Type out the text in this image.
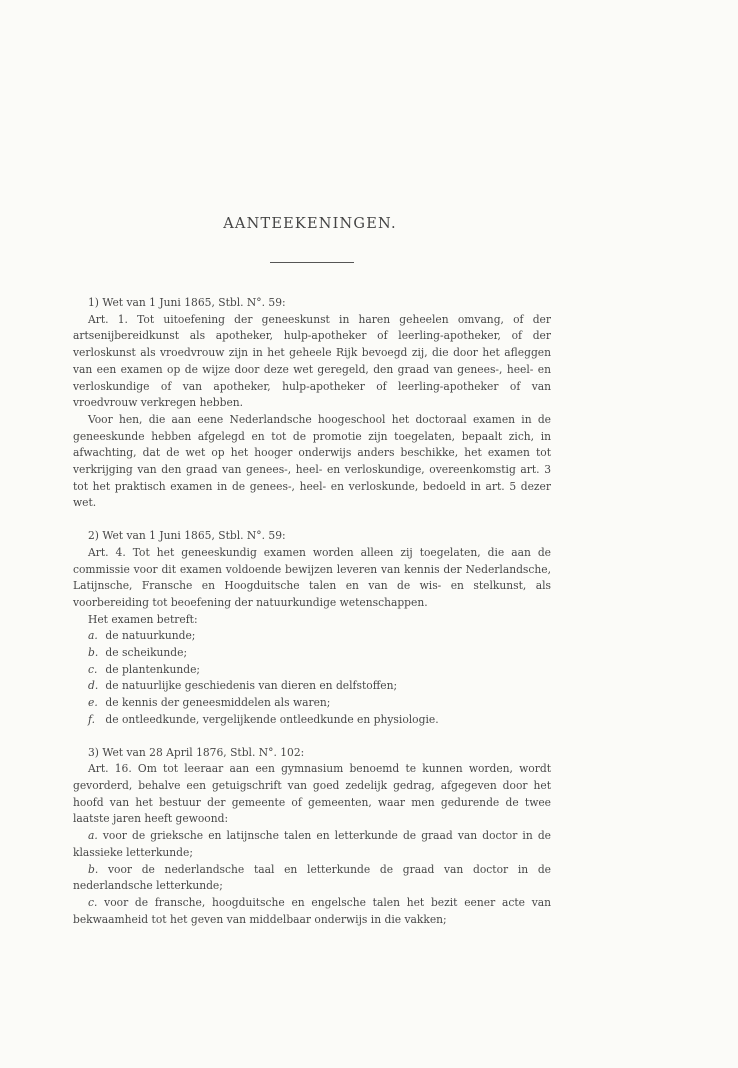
AANTEEKENINGEN.

1) Wet van 1 Juni 1865, Stbl. N°. 59:

Art. 1. Tot uitoefening der geneeskunst in haren geheelen omvang, of der artsenijbereidkunst als apotheker, hulp-apotheker of leerling-apotheker, of der verloskunst als vroedvrouw zijn in het geheele Rijk bevoegd zij, die door het afleggen van een examen op de wijze door deze wet geregeld, den graad van genees-, heel- en verloskundige of van apotheker, hulp-apotheker of leerling-apotheker of van vroedvrouw verkregen hebben.

Voor hen, die aan eene Nederlandsche hoogeschool het doctoraal examen in de geneeskunde hebben afgelegd en tot de promotie zijn toegelaten, bepaalt zich, in afwachting, dat de wet op het hooger onderwijs anders beschikke, het examen tot verkrijging van den graad van genees-, heel- en verloskundige, overeenkomstig art. 3 tot het praktisch examen in de genees-, heel- en verloskunde, bedoeld in art. 5 dezer wet.

2) Wet van 1 Juni 1865, Stbl. N°. 59:

Art. 4. Tot het geneeskundig examen worden alleen zij toegelaten, die aan de commissie voor dit examen voldoende bewijzen leveren van kennis der Nederlandsche, Latijnsche, Fransche en Hoogduitsche talen en van de wis- en stelkunst, als voorbereiding tot beoefening der natuurkundige wetenschappen.

Het examen betreft:

a. de natuurkunde;

b. de scheikunde;

c. de plantenkunde;

d. de natuurlijke geschiedenis van dieren en delfstoffen;

e. de kennis der geneesmiddelen als waren;

f. de ontleedkunde, vergelijkende ontleedkunde en physiologie.

3) Wet van 28 April 1876, Stbl. N°. 102:

Art. 16. Om tot leeraar aan een gymnasium benoemd te kunnen worden, wordt gevorderd, behalve een getuigschrift van goed zedelijk gedrag, afgegeven door het hoofd van het bestuur der gemeente of gemeenten, waar men gedurende de twee laatste jaren heeft gewoond:

a. voor de grieksche en latijnsche talen en letterkunde de graad van doctor in de klassieke letterkunde;

b. voor de nederlandsche taal en letterkunde de graad van doctor in de nederlandsche letterkunde;

c. voor de fransche, hoogduitsche en engelsche talen het bezit eener acte van bekwaamheid tot het geven van middelbaar onderwijs in die vakken;
